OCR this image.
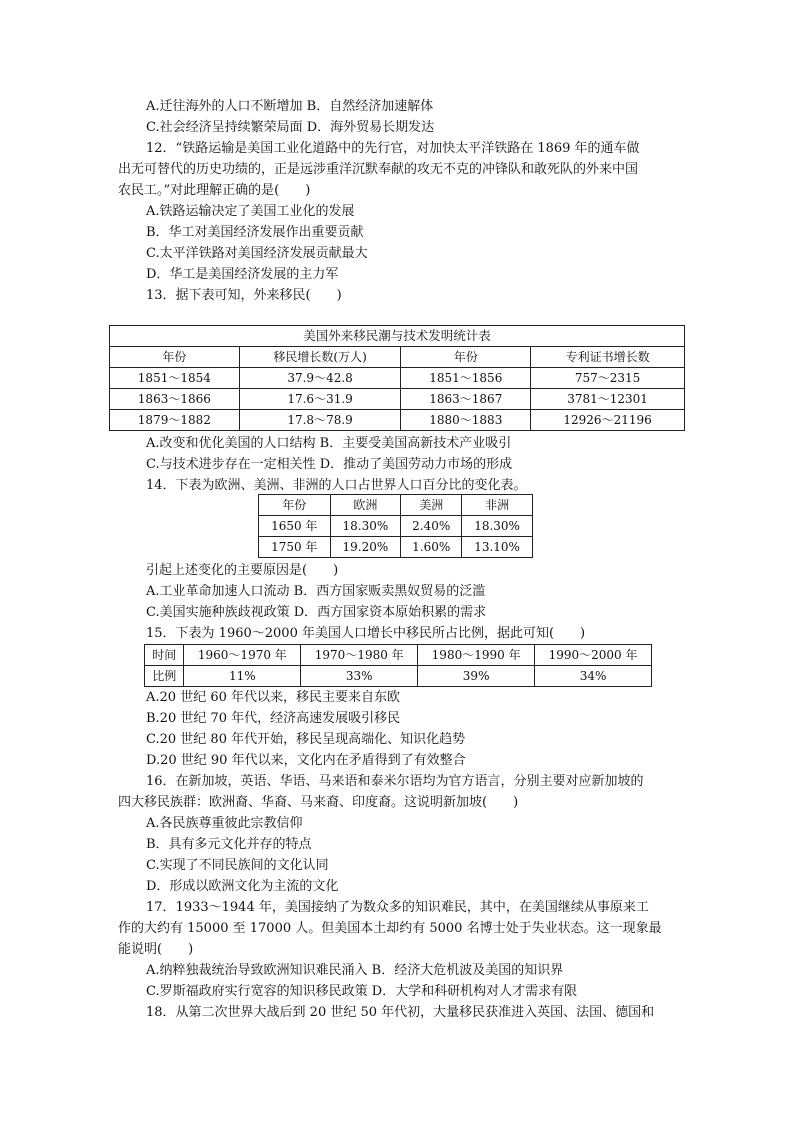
A.迁往海外的人口不断增加 B．自然经济加速解体
C.社会经济呈持续繁荣局面 D．海外贸易长期发达
12．“铁路运输是美国工业化道路中的先行官，对加快太平洋铁路在 1869 年的通车做
出无可替代的历史功绩的，正是远涉重洋沉默奉献的攻无不克的冲锋队和敢死队的外来中国
农民工。”对此理解正确的是(　　)
A.铁路运输决定了美国工业化的发展
B．华工对美国经济发展作出重要贡献
C.太平洋铁路对美国经济发展贡献最大
D．华工是美国经济发展的主力军
13．据下表可知，外来移民(　　)
美国外来移民潮与技术发明统计表			
年份	移民增长数(万人)	年份	专利证书增长数
1851～1854	37.9～42.8	1851～1856	757～2315
1863～1866	17.6～31.9	1863～1867	3781～12301
1879～1882	17.8～78.9	1880～1883	12926～21196
A.改变和优化美国的人口结构 B．主要受美国高新技术产业吸引
C.与技术进步存在一定相关性 D．推动了美国劳动力市场的形成
14．下表为欧洲、美洲、非洲的人口占世界人口百分比的变化表。
年份	欧洲	美洲	非洲
1650 年	18.30%	2.40%	18.30%
1750 年	19.20%	1.60%	13.10%
引起上述变化的主要原因是(　　)
A.工业革命加速人口流动 B．西方国家贩卖黑奴贸易的泛滥
C.美国实施种族歧视政策 D．西方国家资本原始积累的需求
15．下表为 1960～2000 年美国人口增长中移民所占比例，据此可知(　　)
时间	1960～1970 年	1970～1980 年	1980～1990 年	1990～2000 年
比例	11%	33%	39%	34%
A.20 世纪 60 年代以来，移民主要来自东欧
B.20 世纪 70 年代，经济高速发展吸引移民
C.20 世纪 80 年代开始，移民呈现高端化、知识化趋势
D.20 世纪 90 年代以来，文化内在矛盾得到了有效整合
16．在新加坡，英语、华语、马来语和泰米尔语均为官方语言，分别主要对应新加坡的
四大移民族群：欧洲裔、华裔、马来裔、印度裔。这说明新加坡(　　)
A.各民族尊重彼此宗教信仰
B．具有多元文化并存的特点
C.实现了不同民族间的文化认同
D．形成以欧洲文化为主流的文化
17．1933～1944 年，美国接纳了为数众多的知识难民，其中，在美国继续从事原来工
作的大约有 15000 至 17000 人。但美国本土却约有 5000 名博士处于失业状态。这一现象最
能说明(　　)
A.纳粹独裁统治导致欧洲知识难民涌入 B．经济大危机波及美国的知识界
C.罗斯福政府实行宽容的知识移民政策 D．大学和科研机构对人才需求有限
18．从第二次世界大战后到 20 世纪 50 年代初，大量移民获准进入英国、法国、德国和
